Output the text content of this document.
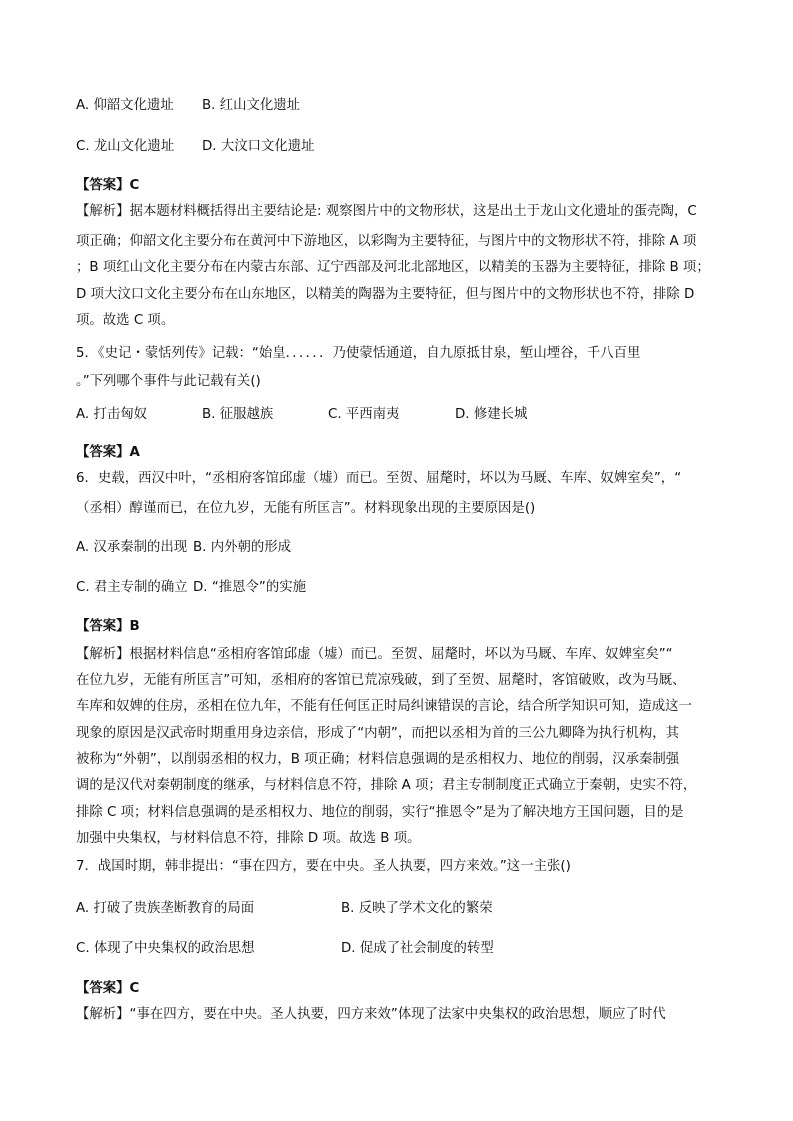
A. 仰韶文化遗址 B. 红山文化遗址
C. 龙山文化遗址 D. 大汶口文化遗址
【答案】C
【解析】据本题材料概括得出主要结论是: 观察图片中的文物形状，这是出土于龙山文化遗址的蛋壳陶，C
项正确；仰韶文化主要分布在黄河中下游地区，以彩陶为主要特征，与图片中的文物形状不符，排除 A 项
；B 项红山文化主要分布在内蒙古东部、辽宁西部及河北北部地区，以精美的玉器为主要特征，排除 B 项；
D 项大汶口文化主要分布在山东地区，以精美的陶器为主要特征，但与图片中的文物形状也不符，排除 D
项。故选 C 项。
5．《史记・蒙恬列传》记载：“始皇．．．．．．乃使蒙恬通道，自九原抵甘泉，堑山堙谷，千八百里
。”下列哪个事件与此记载有关()
A. 打击匈奴	B. 征服越族	C. 平西南夷	D. 修建长城
【答案】A
6．史载，西汉中叶，“丞相府客馆邱虚（墟）而已。至贺、屈氂时，坏以为马厩、车库、奴婢室矣”，“
（丞相）醇谨而已，在位九岁，无能有所匡言”。材料现象出现的主要原因是()
A. 汉承秦制的出现 B. 内外朝的形成
C. 君主专制的确立 D. “推恩令”的实施
【答案】B
【解析】根据材料信息“丞相府客馆邱虚（墟）而已。至贺、屈氂时，坏以为马厩、车库、奴婢室矣”“
在位九岁，无能有所匡言”可知，丞相府的客馆已荒凉残破，到了至贺、屈氂时，客馆破败，改为马厩、
车库和奴婢的住房，丞相在位九年，不能有任何匡正时局纠谏错误的言论，结合所学知识可知，造成这一
现象的原因是汉武帝时期重用身边亲信，形成了“内朝”，而把以丞相为首的三公九卿降为执行机构，其
被称为“外朝”，以削弱丞相的权力，B 项正确；材料信息强调的是丞相权力、地位的削弱，汉承秦制强
调的是汉代对秦朝制度的继承，与材料信息不符，排除 A 项；君主专制制度正式确立于秦朝，史实不符，
排除 C 项；材料信息强调的是丞相权力、地位的削弱，实行“推恩令”是为了解决地方王国问题，目的是
加强中央集权，与材料信息不符，排除 D 项。故选 B 项。
7．战国时期，韩非提出：“事在四方，要在中央。圣人执要，四方来效。”这一主张()
A. 打破了贵族垄断教育的局面	B. 反映了学术文化的繁荣
C. 体现了中央集权的政治思想	D. 促成了社会制度的转型
【答案】C
【解析】“事在四方，要在中央。圣人执要，四方来效”体现了法家中央集权的政治思想，顺应了时代
